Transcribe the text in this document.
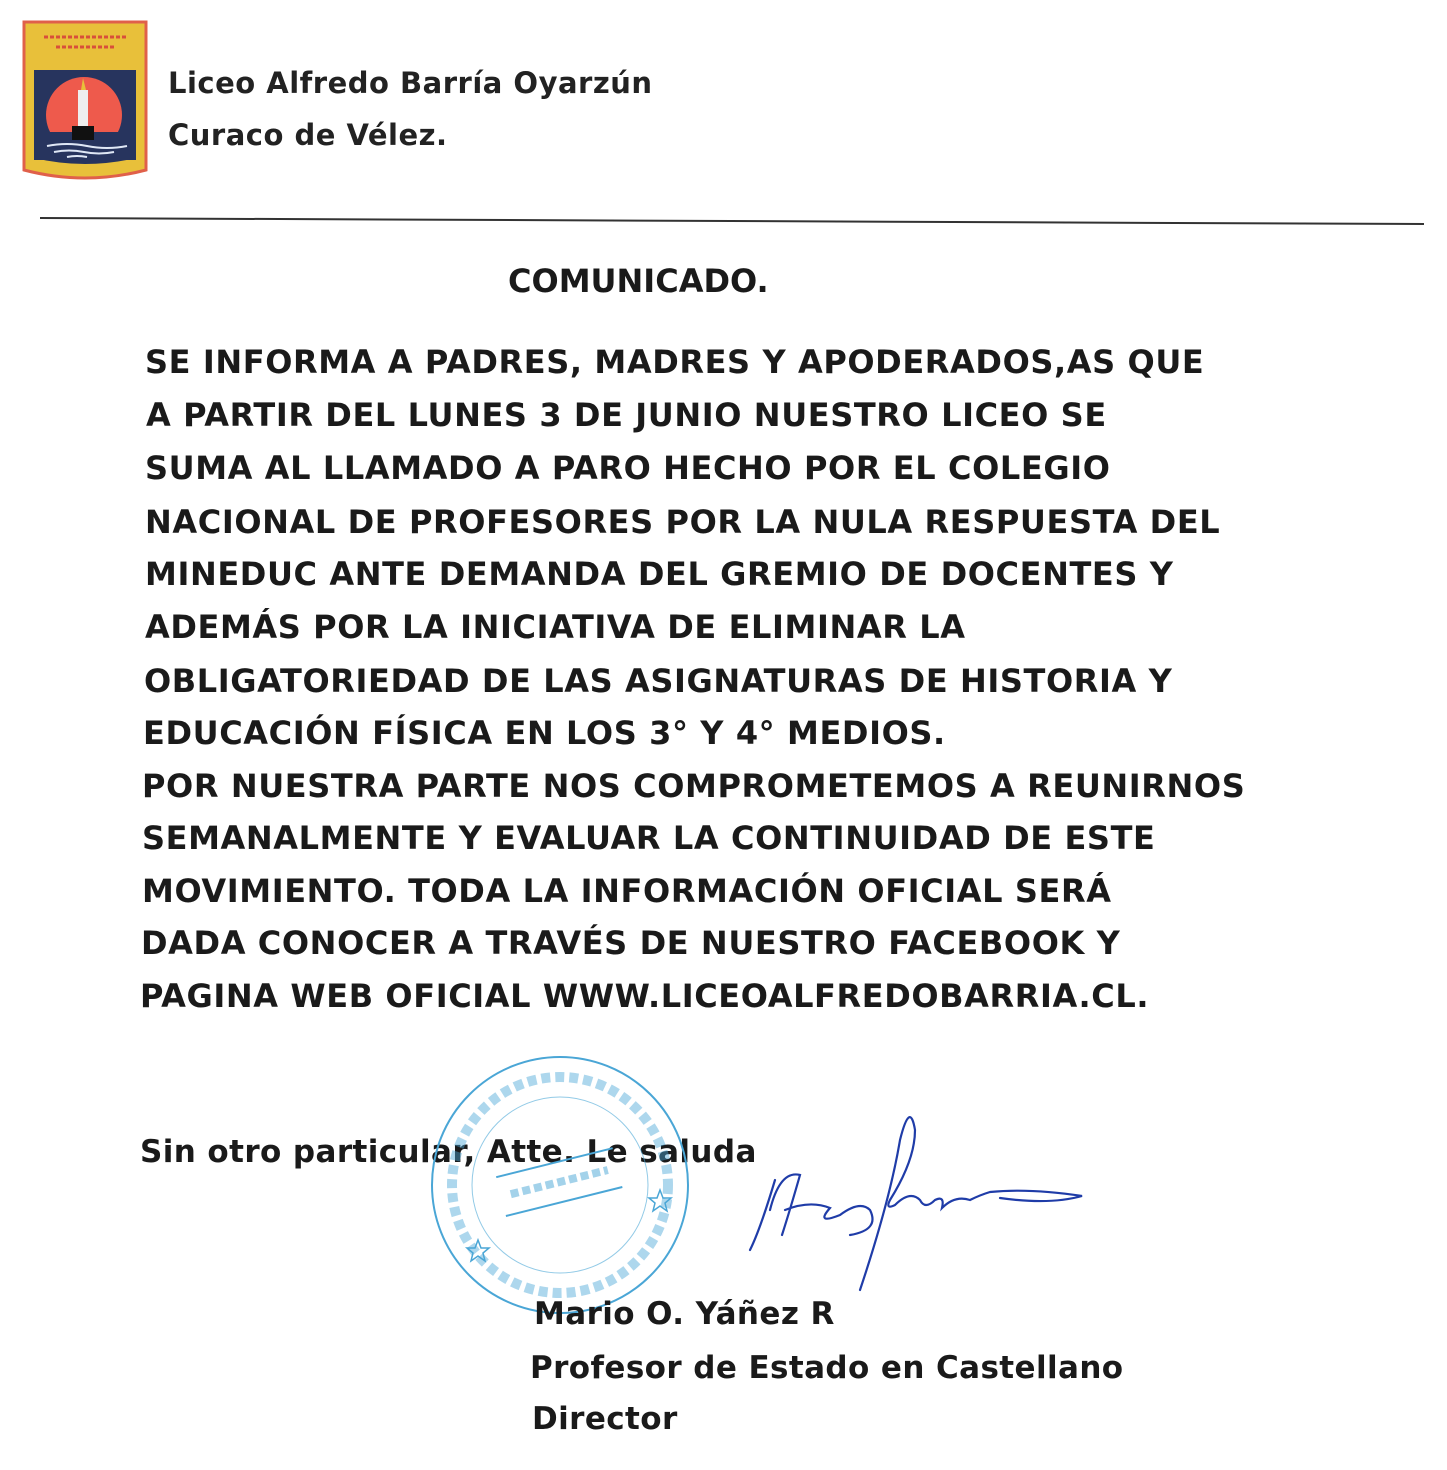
Liceo Alfredo Barría Oyarzún
Curaco de Vélez.
COMUNICADO.
SE INFORMA A PADRES, MADRES Y APODERADOS,AS QUE
A PARTIR DEL LUNES 3 DE JUNIO NUESTRO LICEO SE
SUMA AL LLAMADO A PARO HECHO POR EL COLEGIO
NACIONAL DE PROFESORES POR LA NULA RESPUESTA DEL
MINEDUC ANTE DEMANDA DEL GREMIO DE DOCENTES Y
ADEMÁS POR LA INICIATIVA DE ELIMINAR LA
OBLIGATORIEDAD DE LAS ASIGNATURAS DE HISTORIA Y
EDUCACIÓN FÍSICA EN LOS 3° Y 4° MEDIOS.
POR NUESTRA PARTE NOS COMPROMETEMOS A REUNIRNOS
SEMANALMENTE Y EVALUAR LA CONTINUIDAD DE ESTE
MOVIMIENTO. TODA LA INFORMACIÓN OFICIAL SERÁ
DADA CONOCER A TRAVÉS DE NUESTRO FACEBOOK Y
PAGINA WEB OFICIAL WWW.LICEOALFREDOBARRIA.CL.
Sin otro particular, Atte. Le saluda
Mario O. Yáñez R
Profesor de Estado en Castellano
Director
